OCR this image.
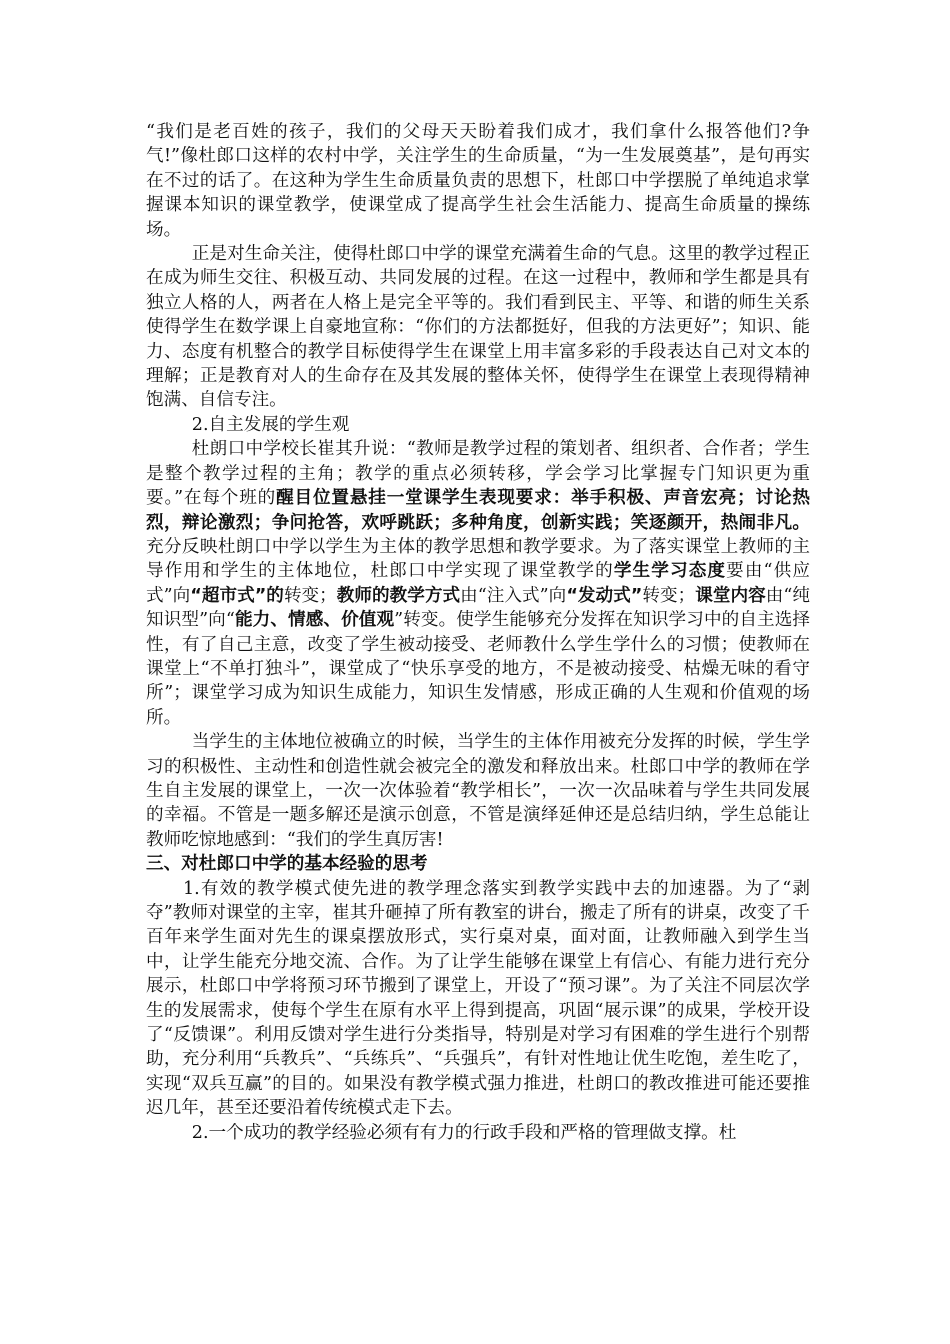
“我们是老百姓的孩子，我们的父母天天盼着我们成才，我们拿什么报答他们?争气!”像杜郎口这样的农村中学，关注学生的生命质量，“为一生发展奠基”，是句再实在不过的话了。在这种为学生生命质量负责的思想下，杜郎口中学摆脱了单纯追求掌握课本知识的课堂教学，使课堂成了提高学生社会生活能力、提高生命质量的操练场。

正是对生命关注，使得杜郎口中学的课堂充满着生命的气息。这里的教学过程正在成为师生交往、积极互动、共同发展的过程。在这一过程中，教师和学生都是具有独立人格的人，两者在人格上是完全平等的。我们看到民主、平等、和谐的师生关系使得学生在数学课上自豪地宣称：“你们的方法都挺好，但我的方法更好”；知识、能力、态度有机整合的教学目标使得学生在课堂上用丰富多彩的手段表达自己对文本的理解；正是教育对人的生命存在及其发展的整体关怀，使得学生在课堂上表现得精神饱满、自信专注。

2.自主发展的学生观

杜朗口中学校长崔其升说：“教师是教学过程的策划者、组织者、合作者；学生是整个教学过程的主角；教学的重点必须转移，学会学习比掌握专门知识更为重要。”在每个班的醒目位置悬挂一堂课学生表现要求：举手积极、声音宏亮；讨论热烈，辩论激烈；争问抢答，欢呼跳跃；多种角度，创新实践；笑逐颜开，热闹非凡。充分反映杜朗口中学以学生为主体的教学思想和教学要求。为了落实课堂上教师的主导作用和学生的主体地位，杜郎口中学实现了课堂教学的学生学习态度要由“供应式”向“超市式”的转变；教师的教学方式由“注入式”向“发动式”转变；课堂内容由“纯知识型”向“能力、情感、价值观”转变。使学生能够充分发挥在知识学习中的自主选择性，有了自己主意，改变了学生被动接受、老师教什么学生学什么的习惯；使教师在课堂上“不单打独斗”，课堂成了“快乐享受的地方，不是被动接受、枯燥无味的看守所”；课堂学习成为知识生成能力，知识生发情感，形成正确的人生观和价值观的场所。

当学生的主体地位被确立的时候，当学生的主体作用被充分发挥的时候，学生学习的积极性、主动性和创造性就会被完全的激发和释放出来。杜郎口中学的教师在学生自主发展的课堂上，一次一次体验着“教学相长”，一次一次品味着与学生共同发展的幸福。不管是一题多解还是演示创意，不管是演绎延伸还是总结归纳，学生总能让教师吃惊地感到：“我们的学生真厉害!

三、对杜郎口中学的基本经验的思考

1.有效的教学模式使先进的教学理念落实到教学实践中去的加速器。为了“剥夺”教师对课堂的主宰，崔其升砸掉了所有教室的讲台，搬走了所有的讲桌，改变了千百年来学生面对先生的课桌摆放形式，实行桌对桌，面对面，让教师融入到学生当中，让学生能充分地交流、合作。为了让学生能够在课堂上有信心、有能力进行充分展示，杜郎口中学将预习环节搬到了课堂上，开设了“预习课”。为了关注不同层次学生的发展需求，使每个学生在原有水平上得到提高，巩固“展示课”的成果，学校开设了“反馈课”。利用反馈对学生进行分类指导，特别是对学习有困难的学生进行个别帮助，充分利用“兵教兵”、“兵练兵”、“兵强兵”，有针对性地让优生吃饱，差生吃了，实现“双兵互赢”的目的。如果没有教学模式强力推进，杜朗口的教改推进可能还要推迟几年，甚至还要沿着传统模式走下去。

2.一个成功的教学经验必须有有力的行政手段和严格的管理做支撑。杜
